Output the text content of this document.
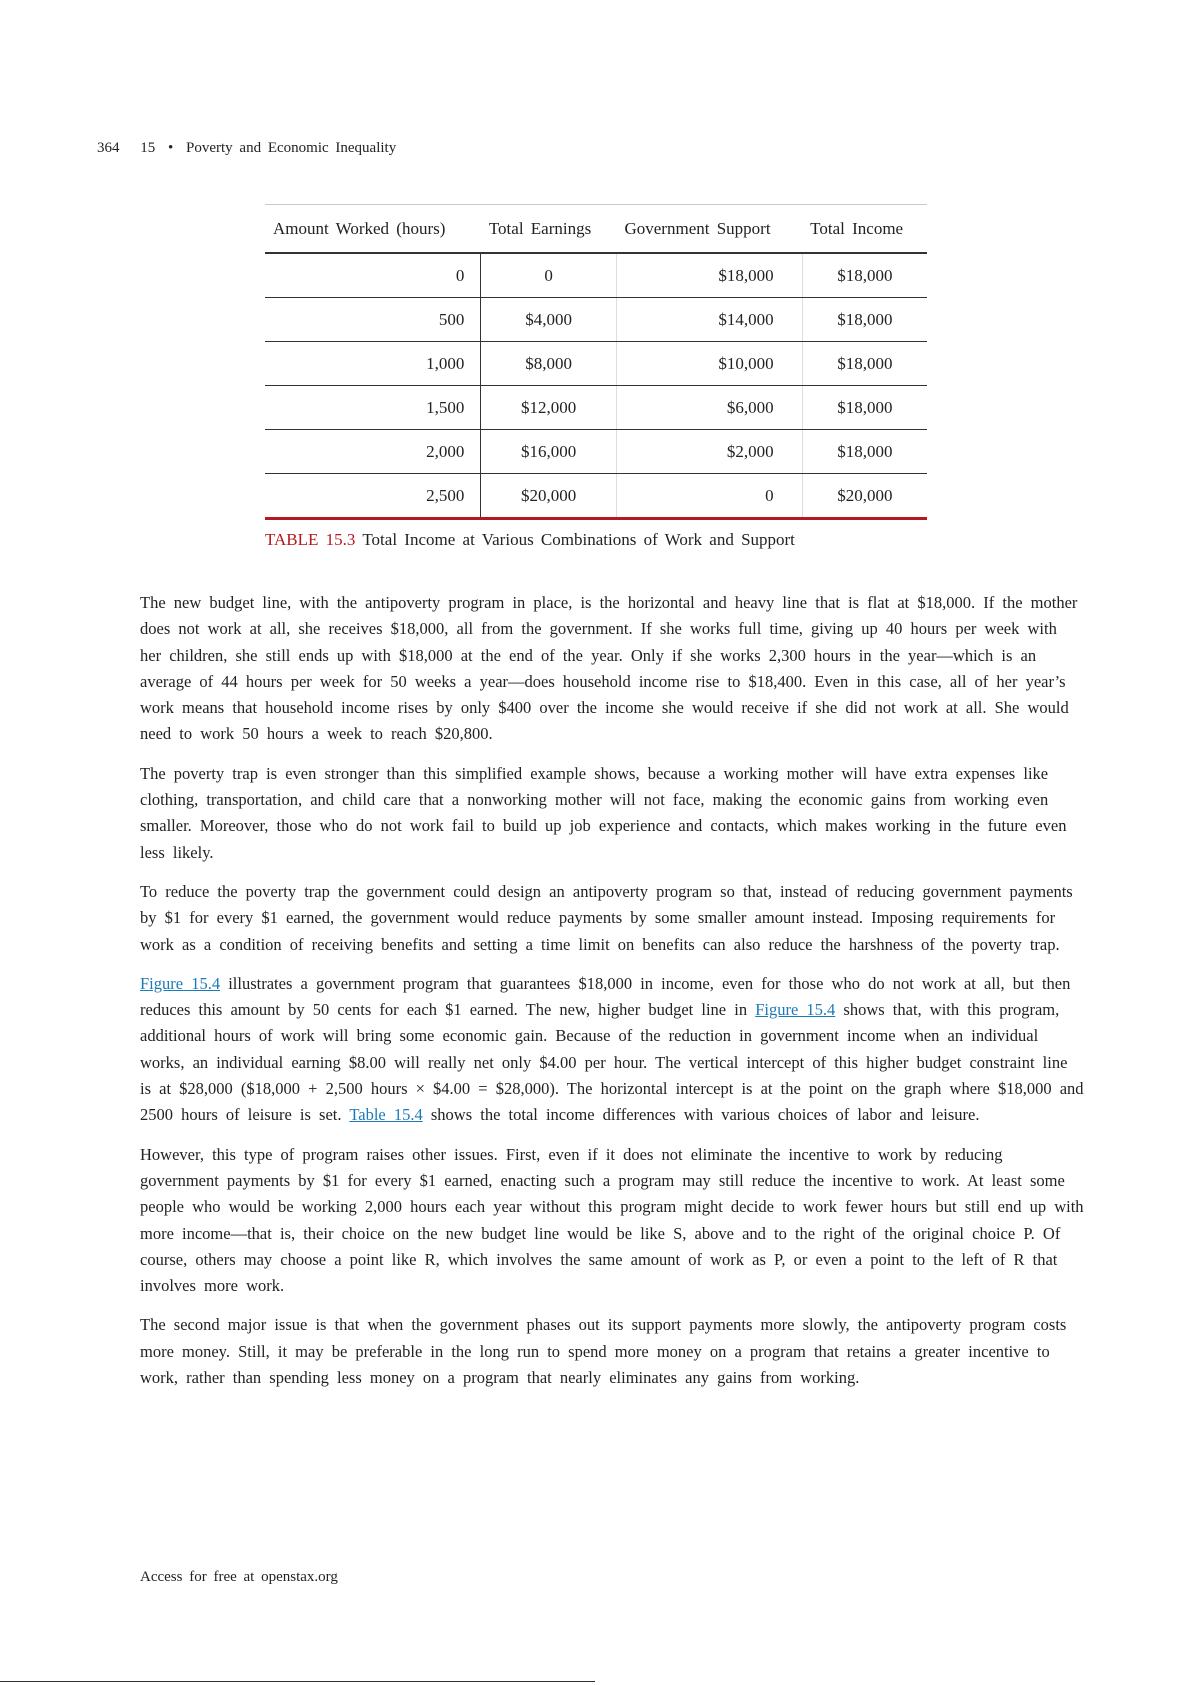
364 15 • Poverty and Economic Inequality
Amount Worked (hours)	Total Earnings	Government Support	Total Income
0	0	$18,000	$18,000
500	$4,000	$14,000	$18,000
1,000	$8,000	$10,000	$18,000
1,500	$12,000	$6,000	$18,000
2,000	$16,000	$2,000	$18,000
2,500	$20,000	0	$20,000
TABLE 15.3 Total Income at Various Combinations of Work and Support

The new budget line, with the antipoverty program in place, is the horizontal and heavy line that is flat at $18,000. If the mother does not work at all, she receives $18,000, all from the government. If she works full time, giving up 40 hours per week with her children, she still ends up with $18,000 at the end of the year. Only if she works 2,300 hours in the year—which is an average of 44 hours per week for 50 weeks a year—does household income rise to $18,400. Even in this case, all of her year’s work means that household income rises by only $400 over the income she would receive if she did not work at all. She would need to work 50 hours a week to reach $20,800.

The poverty trap is even stronger than this simplified example shows, because a working mother will have extra expenses like clothing, transportation, and child care that a nonworking mother will not face, making the economic gains from working even smaller. Moreover, those who do not work fail to build up job experience and contacts, which makes working in the future even less likely.

To reduce the poverty trap the government could design an antipoverty program so that, instead of reducing government payments by $1 for every $1 earned, the government would reduce payments by some smaller amount instead. Imposing requirements for work as a condition of receiving benefits and setting a time limit on benefits can also reduce the harshness of the poverty trap.

Figure 15.4 illustrates a government program that guarantees $18,000 in income, even for those who do not work at all, but then reduces this amount by 50 cents for each $1 earned. The new, higher budget line in Figure 15.4 shows that, with this program, additional hours of work will bring some economic gain. Because of the reduction in government income when an individual works, an individual earning $8.00 will really net only $4.00 per hour. The vertical intercept of this higher budget constraint line is at $28,000 ($18,000 + 2,500 hours × $4.00 = $28,000). The horizontal intercept is at the point on the graph where $18,000 and 2500 hours of leisure is set. Table 15.4 shows the total income differences with various choices of labor and leisure.

However, this type of program raises other issues. First, even if it does not eliminate the incentive to work by reducing government payments by $1 for every $1 earned, enacting such a program may still reduce the incentive to work. At least some people who would be working 2,000 hours each year without this program might decide to work fewer hours but still end up with more income—that is, their choice on the new budget line would be like S, above and to the right of the original choice P. Of course, others may choose a point like R, which involves the same amount of work as P, or even a point to the left of R that involves more work.

The second major issue is that when the government phases out its support payments more slowly, the antipoverty program costs more money. Still, it may be preferable in the long run to spend more money on a program that retains a greater incentive to work, rather than spending less money on a program that nearly eliminates any gains from working.

Access for free at openstax.org
